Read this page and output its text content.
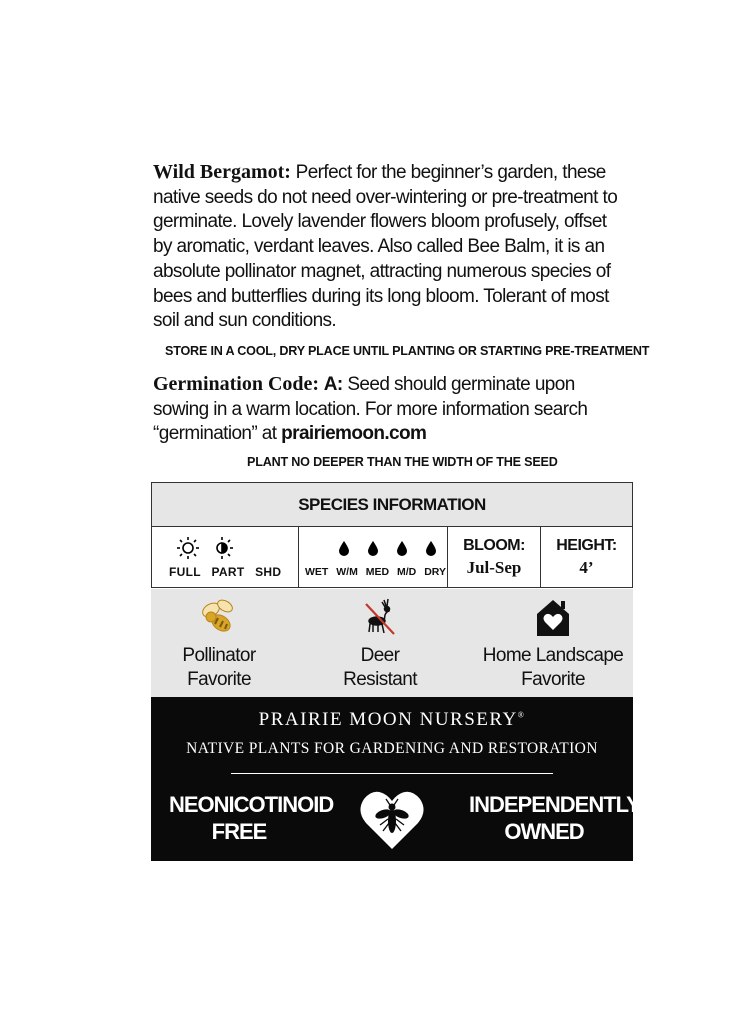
Wild Bergamot: Perfect for the beginner’s garden, these native seeds do not need over-wintering or pre-treatment to germinate. Lovely lavender flowers bloom profusely, offset by aromatic, verdant leaves. Also called Bee Balm, it is an absolute pollinator magnet, attracting numerous species of bees and butterflies during its long bloom. Tolerant of most soil and sun conditions.
STORE IN A COOL, DRY PLACE UNTIL PLANTING OR STARTING PRE-TREATMENT
Germination Code: A: Seed should germinate upon sowing in a warm location. For more information search “germination” at prairiemoon.com
PLANT NO DEEPER THAN THE WIDTH OF THE SEED
SPECIES INFORMATION
FULL PART SHD	WET W/M MED M/D DRY
BLOOM:
Jul-Sep
HEIGHT:
4’
Pollinator
Favorite
Deer
Resistant
Home Landscape
Favorite
PRAIRIE MOON NURSERY®
NATIVE PLANTS FOR GARDENING AND RESTORATION
NEONICOTINOID
FREE
INDEPENDENTLY
OWNED
